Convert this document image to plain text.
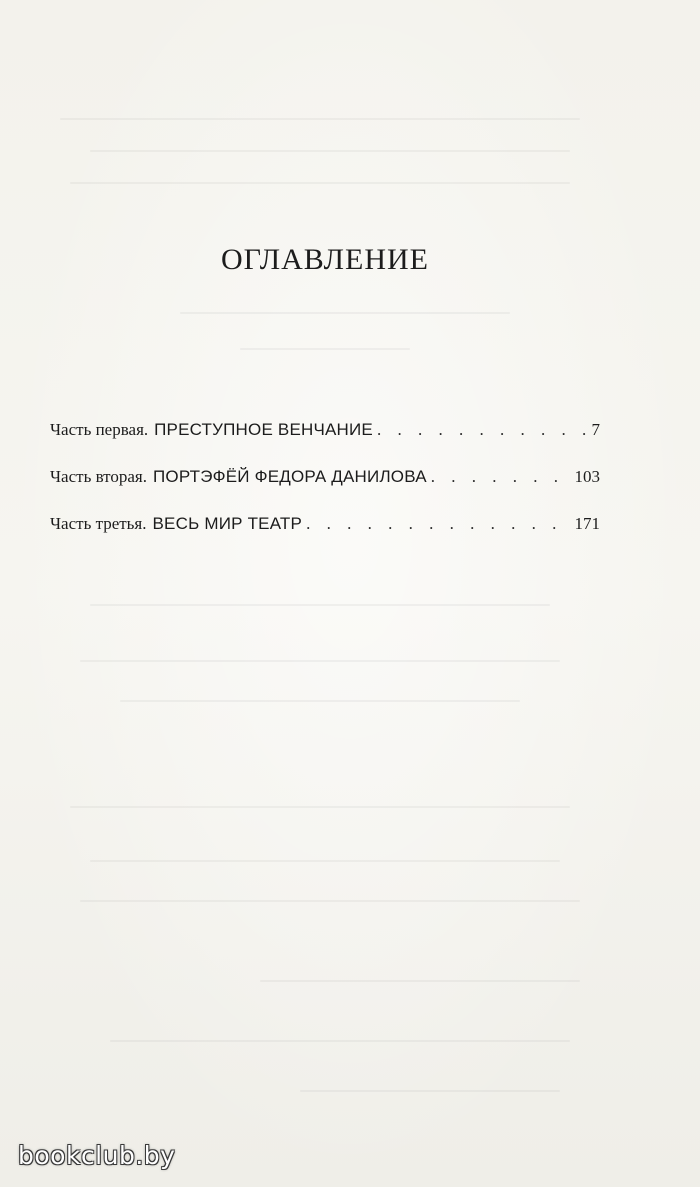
ОГЛАВЛЕНИЕ
Часть первая. ПРЕСТУПНОЕ ВЕНЧАНИЕ . . .	7
Часть вторая. ПОРТЭФЁЙ ФЕДОРА ДАНИЛОВА . . .	103
Часть третья. ВЕСЬ МИР ТЕАТР . . .	171
bookclub.by
